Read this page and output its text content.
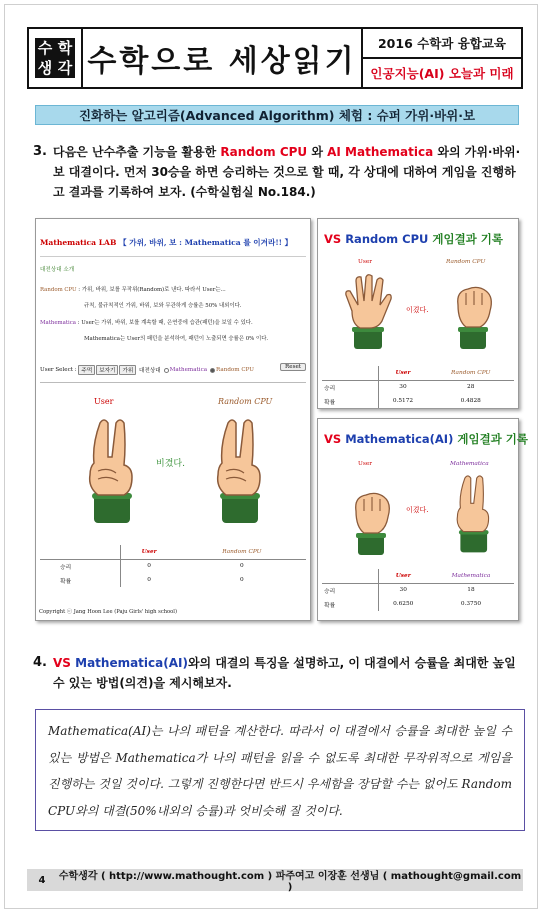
수 학
생 각 수학으로 세상읽기
2016 수학과 융합교육
인공지능(AI) 오늘과 미래
진화하는 알고리즘(Advanced Algorithm) 체험 : 슈퍼 가위·바위·보
3. 다음은 난수추출 기능을 활용한 Random CPU 와 AI Mathematica 와의 가위·바위·보 대결이다. 먼저 30승을 하면 승리하는 것으로 할 때, 각 상대에 대하여 게임을 진행하고 결과를 기록하여 보자. (수학실험실 No.184.)
Mathematica LAB 【 가위, 바위, 보 : Mathematica 를 이겨라!! 】
대전상대 소개
Random CPU : 가위, 바위, 보를 무작위(Random)로 낸다. 따라서 User는...
규칙, 불규칙적인 가위, 바위, 보와 무관하게 승률은 50% 내외이다.
Mathematica : User는 가위, 바위, 보를 계속할 때, 은연중에 습관(패턴)을 보일 수 있다.
Mathematica는 User의 패턴을 분석하여, 패턴이 노출되면 승률은 0% 이다.
User Select :
주먹	보자기	가위
	대전상대 Mathematica Random CPU	Reset
User	Random CPU
비겼다.
	User	Random CPU
승리	0	0
확률	0	0
Copyright ⓒ Jang Hoon Lee (Paju Girls' high school)
VS Random CPU 게임결과 기록
User	Random CPU
이겼다.
	User	Random CPU
승리	30	28
확률	0.5172	0.4828
VS Mathematica(AI) 게임결과 기록
User	Mathematica
이겼다.
	User	Mathematica
승리	30	18
확률	0.6250	0.3750
4. VS Mathematica(AI)와의 대결의 특징을 설명하고, 이 대결에서 승률을 최대한 높일 수 있는 방법(의견)을 제시해보자.
Mathematica(AI)는 나의 패턴을 계산한다. 따라서 이 대결에서 승률을 최대한 높일 수 있는 방법은 Mathematica가 나의 패턴을 읽을 수 없도록 최대한 무작위적으로 게임을 진행하는 것일 것이다. 그렇게 진행한다면 반드시 우세함을 장담할 수는 없어도 Random CPU와의 대결(50%내외의 승률)과 엇비슷해 질 것이다.
4	수학생각 ( http://www.mathought.com ) 파주여고 이장훈 선생님 ( mathought@gmail.com )
